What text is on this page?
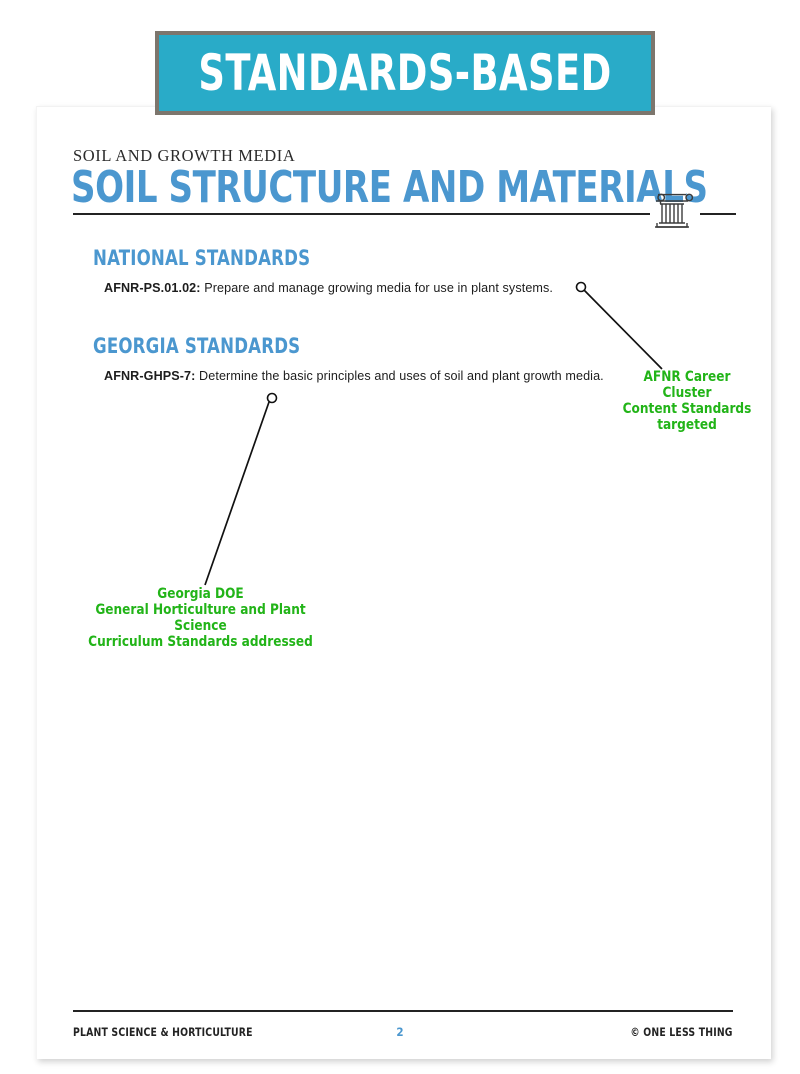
STANDARDS-BASED
SOIL AND GROWTH MEDIA
SOIL STRUCTURE AND MATERIALS
NATIONAL STANDARDS
AFNR-PS.01.02: Prepare and manage growing media for use in plant systems.
GEORGIA STANDARDS
AFNR-GHPS-7: Determine the basic principles and uses of soil and plant growth media.	AFNR Career Cluster
Content Standards
targeted
Georgia DOE
General Horticulture and Plant Science
Curriculum Standards addressed
PLANT SCIENCE & HORTICULTURE	2	© ONE LESS THING
